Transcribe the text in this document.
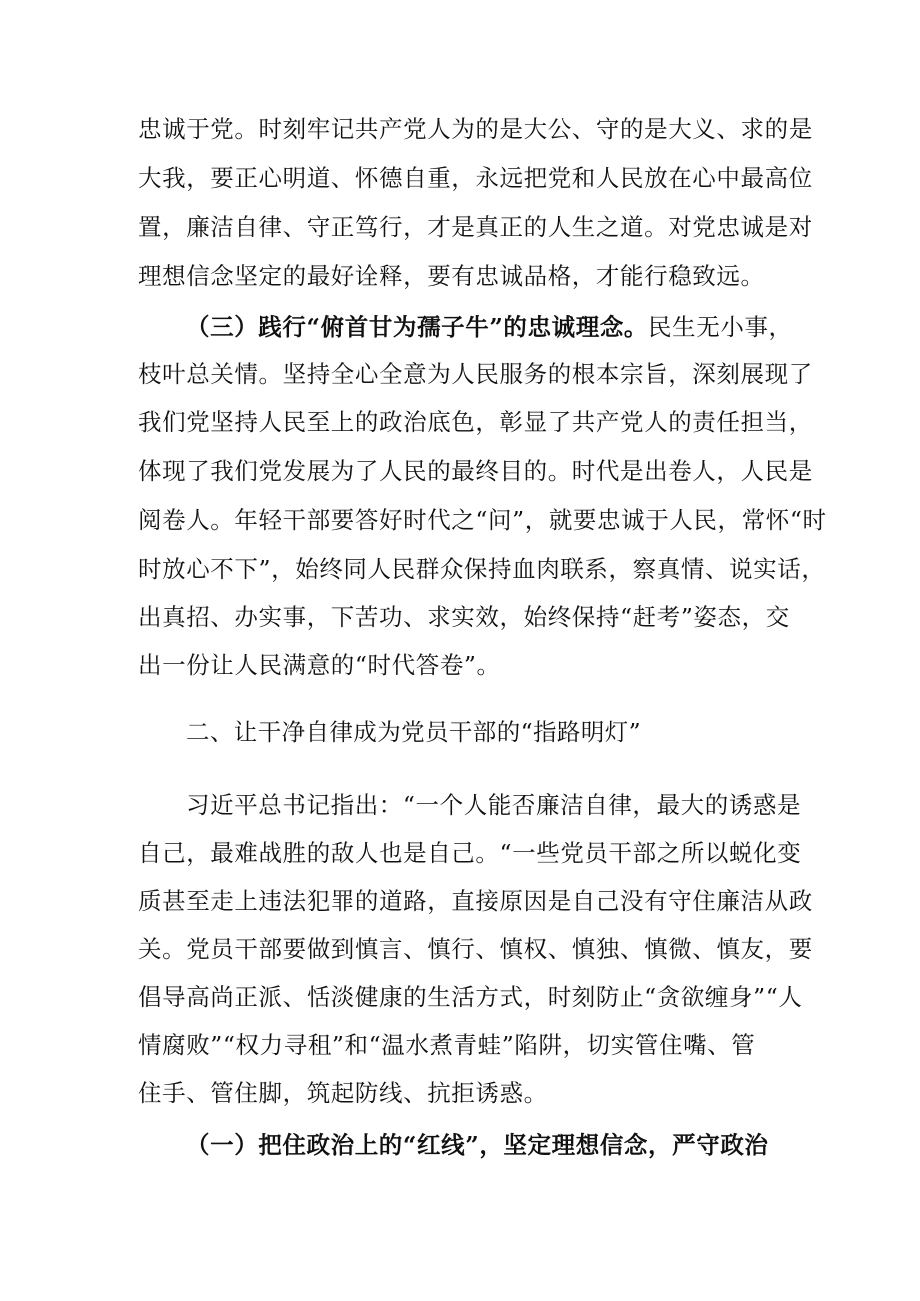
忠诚于党。时刻牢记共产党人为的是大公、守的是大义、求的是
大我，要正心明道、怀德自重，永远把党和人民放在心中最高位
置，廉洁自律、守正笃行，才是真正的人生之道。对党忠诚是对
理想信念坚定的最好诠释，要有忠诚品格，才能行稳致远。
（三）践行“俯首甘为孺子牛”的忠诚理念。民生无小事，
枝叶总关情。坚持全心全意为人民服务的根本宗旨，深刻展现了
我们党坚持人民至上的政治底色，彰显了共产党人的责任担当，
体现了我们党发展为了人民的最终目的。时代是出卷人，人民是
阅卷人。年轻干部要答好时代之“问”，就要忠诚于人民，常怀“时
时放心不下”，始终同人民群众保持血肉联系，察真情、说实话，
出真招、办实事，下苦功、求实效，始终保持“赶考”姿态，交
出一份让人民满意的“时代答卷”。
二、让干净自律成为党员干部的“指路明灯”
习近平总书记指出：“一个人能否廉洁自律，最大的诱惑是
自己，最难战胜的敌人也是自己。“一些党员干部之所以蜕化变
质甚至走上违法犯罪的道路，直接原因是自己没有守住廉洁从政
关。党员干部要做到慎言、慎行、慎权、慎独、慎微、慎友，要
倡导高尚正派、恬淡健康的生活方式，时刻防止“贪欲缠身”“人
情腐败”“权力寻租”和“温水煮青蛙”陷阱，切实管住嘴、管
住手、管住脚，筑起防线、抗拒诱惑。
（一）把住政治上的“红线”，坚定理想信念，严守政治
